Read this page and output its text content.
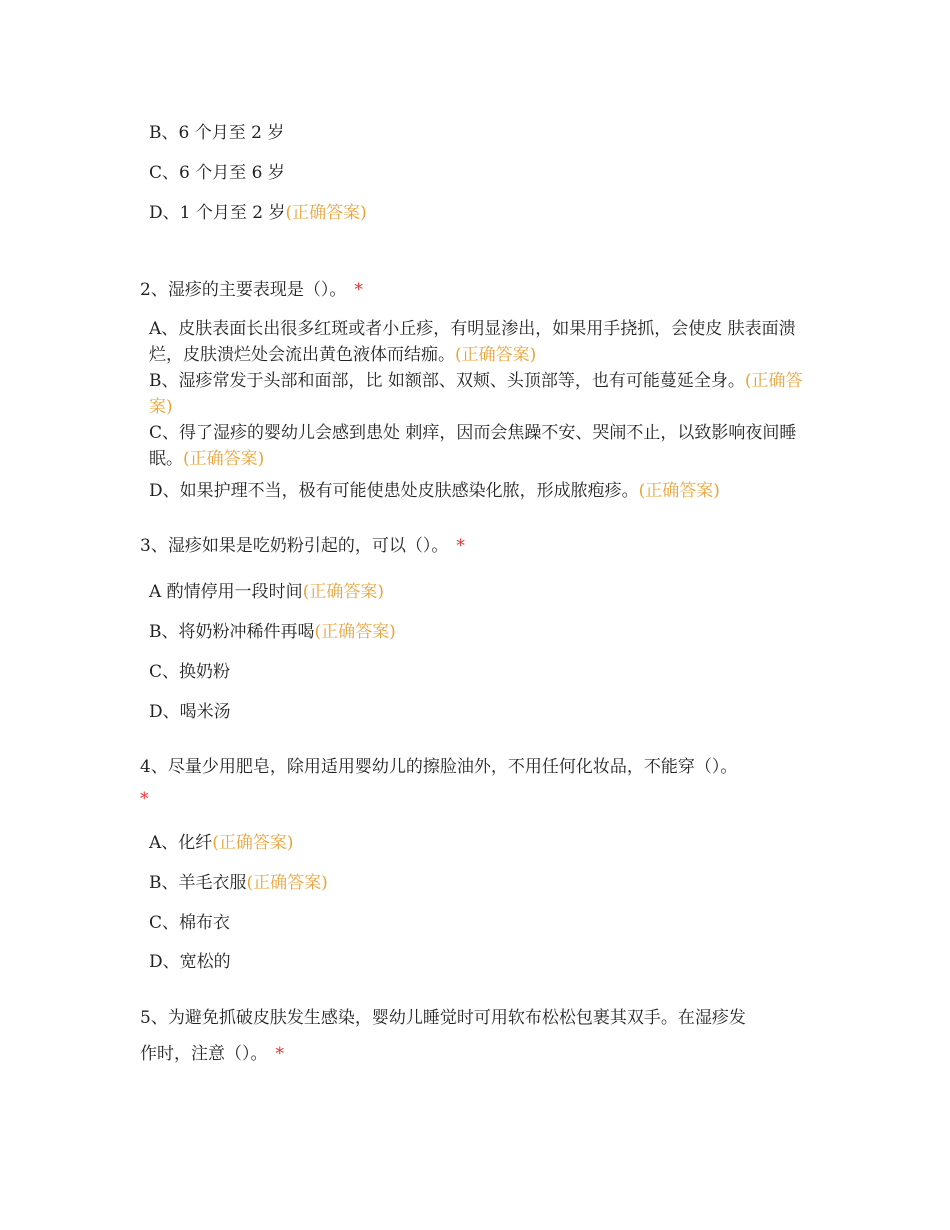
B、6 个月至 2 岁
C、6 个月至 6 岁
D、1 个月至 2 岁(正确答案)
2、湿疹的主要表现是（）。 *
A、皮肤表面长出很多红斑或者小丘疹，有明显渗出，如果用手挠抓，会使皮 肤表面溃烂，皮肤溃烂处会流出黄色液体而结痂。(正确答案)
B、湿疹常发于头部和面部，比 如额部、双颊、头顶部等，也有可能蔓延全身。(正确答案)
C、得了湿疹的婴幼儿会感到患处 刺痒，因而会焦躁不安、哭闹不止，以致影响夜间睡眠。(正确答案)
D、如果护理不当，极有可能使患处皮肤感染化脓，形成脓疱疹。(正确答案)
3、湿疹如果是吃奶粉引起的，可以（）。 *
A 酌情停用一段时间(正确答案)
B、将奶粉冲稀件再喝(正确答案)
C、换奶粉
D、喝米汤
4、尽量少用肥皂，除用适用婴幼儿的擦脸油外，不用任何化妆品，不能穿（）。
*
A、化纤(正确答案)
B、羊毛衣服(正确答案)
C、棉布衣
D、宽松的
5、为避免抓破皮肤发生感染，婴幼儿睡觉时可用软布松松包裹其双手。在湿疹发
作时，注意（）。 *
